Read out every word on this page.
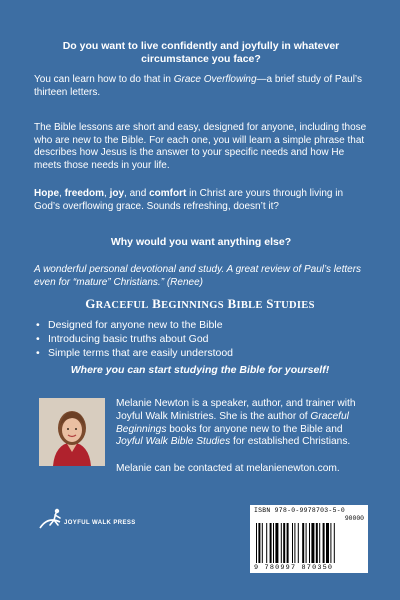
Do you want to live confidently and joyfully in whatever circumstance you face?
You can learn how to do that in Grace Overflowing—a brief study of Paul’s thirteen letters.
The Bible lessons are short and easy, designed for anyone, including those who are new to the Bible. For each one, you will learn a simple phrase that describes how Jesus is the answer to your specific needs and how He meets those needs in your life.
Hope, freedom, joy, and comfort in Christ are yours through living in God’s overflowing grace. Sounds refreshing, doesn’t it?
Why would you want anything else?
A wonderful personal devotional and study. A great review of Paul’s letters even for “mature” Christians.” (Renee)
GRACEFUL BEGINNINGS BIBLE STUDIES
• Designed for anyone new to the Bible
• Introducing basic truths about God
• Simple terms that are easily understood
Where you can start studying the Bible for yourself!
Melanie Newton is a speaker, author, and trainer with Joyful Walk Ministries. She is the author of Graceful Beginnings books for anyone new to the Bible and Joyful Walk Bible Studies for established Christians.
Melanie can be contacted at melanienewton.com.
JOYFUL WALK PRESS
ISBN 978-0-9978703-5-0
90000
9 780997 870350
